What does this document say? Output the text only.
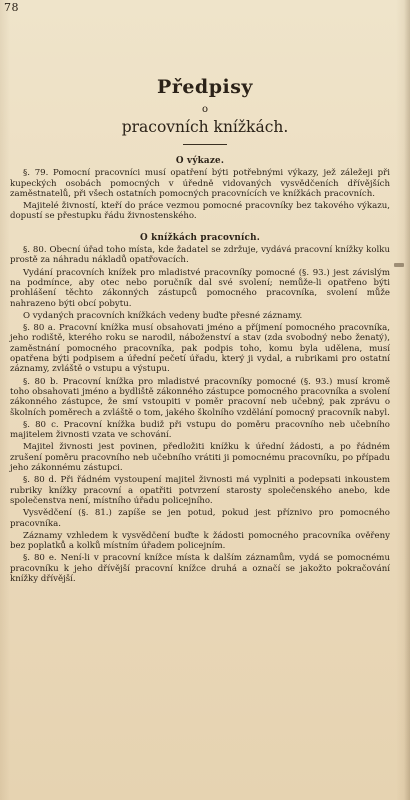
78
Předpisy
o
pracovních knížkách.
O výkaze.

§. 79. Pomocní pracovníci musí opatření býti potřebnými výkazy, jež záležeji při kupeckých osobách pomocných v úředně vidovaných vysvědčeních dřívějších zaměstnatelů, při všech ostatních pomocných pracovnících ve knížkách pracovních.

Majitelé živností, kteří do práce vezmou pomocné pracovníky bez takového výkazu, dopustí se přestupku řádu živnostenského.

O knížkách pracovních.

§. 80. Obecní úřad toho místa, kde žadatel se zdržuje, vydává pracovní knížky kolku prostě za náhradu nákladů opatřovacích.

Vydání pracovních knížek pro mladistvé pracovníky pomocné (§. 93.) jest závislým na podmínce, aby otec nebo poručník dal své svolení; nemůže-li opatřeno býti prohlášení těchto zákonných zástupců pomocného pracovníka, svolení může nahrazeno býti obcí pobytu.

O vydaných pracovních knížkách vedeny buďte přesné záznamy.

§. 80 a. Pracovní knížka musí obsahovati jméno a příjmení pomocného pracovníka, jeho rodiště, kterého roku se narodil, náboženství a stav (zda svobodný nebo ženatý), zaměstnání pomocného pracovníka, pak podpis toho, komu byla udělena, musí opatřena býti podpisem a úřední pečetí úřadu, který ji vydal, a rubrikami pro ostatní záznamy, zvláště o vstupu a výstupu.

§. 80 b. Pracovní knížka pro mladistvé pracovníky pomocné (§. 93.) musí kromě toho obsahovati jméno a bydliště zákonného zástupce pomocného pracovníka a svolení zákonného zástupce, že smí vstoupiti v poměr pracovní neb učebný, pak zprávu o školních poměrech a zvláště o tom, jakého školního vzdělání pomocný pracovník nabyl.

§. 80 c. Pracovní knížka budiž při vstupu do poměru pracovního neb učebního majitelem živnosti vzata ve schování.

Majitel živnosti jest povinen, předložiti knížku k úřední žádosti, a po řádném zrušení poměru pracovního neb učebního vrátiti ji pomocnému pracovníku, po případu jeho zákonnému zástupci.

§. 80 d. Při řádném vystoupení majitel živnosti má vyplniti a podepsati inkoustem rubriky knížky pracovní a opatřiti potvrzení starosty společenského anebo, kde společenstva není, místního úřadu policejního.

Vysvědčení (§. 81.) zapíše se jen potud, pokud jest příznivo pro pomocného pracovníka.

Záznamy vzhledem k vysvědčení buďte k žádosti pomocného pracovníka ověřeny bez poplatků a kolků místním úřadem policejním.

§. 80 e. Není-li v pracovní knížce místa k dalším záznamům, vydá se pomocnému pracovníku k jeho dřívější pracovní knížce druhá a označí se jakožto pokračování knížky dřívější.
